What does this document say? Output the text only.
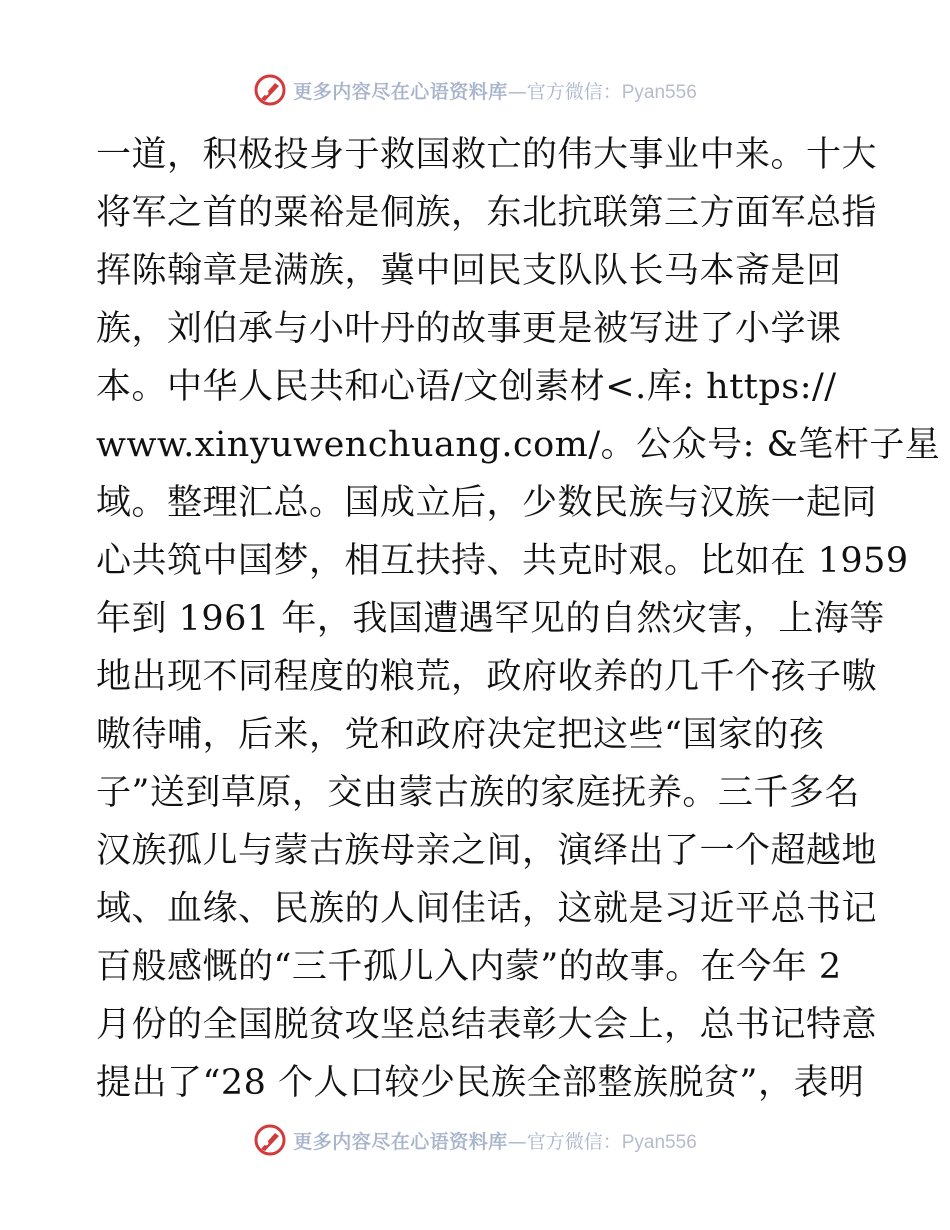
更多内容尽在心语资料库—官方微信：Pyan556
一道，积极投身于救国救亡的伟大事业中来。十大
将军之首的粟裕是侗族，东北抗联第三方面军总指
挥陈翰章是满族，冀中回民支队队长马本斋是回
族，刘伯承与小叶丹的故事更是被写进了小学课
本。中华人民共和心语/文创素材<.库: https://
www.xinyuwenchuang.com/。公众号: &笔杆子星
域。整理汇总。国成立后，少数民族与汉族一起同
心共筑中国梦，相互扶持、共克时艰。比如在 1959
年到 1961 年，我国遭遇罕见的自然灾害，上海等
地出现不同程度的粮荒，政府收养的几千个孩子嗷
嗷待哺，后来，党和政府决定把这些“国家的孩
子”送到草原，交由蒙古族的家庭抚养。三千多名
汉族孤儿与蒙古族母亲之间，演绎出了一个超越地
域、血缘、民族的人间佳话，这就是习近平总书记
百般感慨的“三千孤儿入内蒙”的故事。在今年 2
月份的全国脱贫攻坚总结表彰大会上，总书记特意
提出了“28 个人口较少民族全部整族脱贫”，表明
更多内容尽在心语资料库—官方微信：Pyan556
